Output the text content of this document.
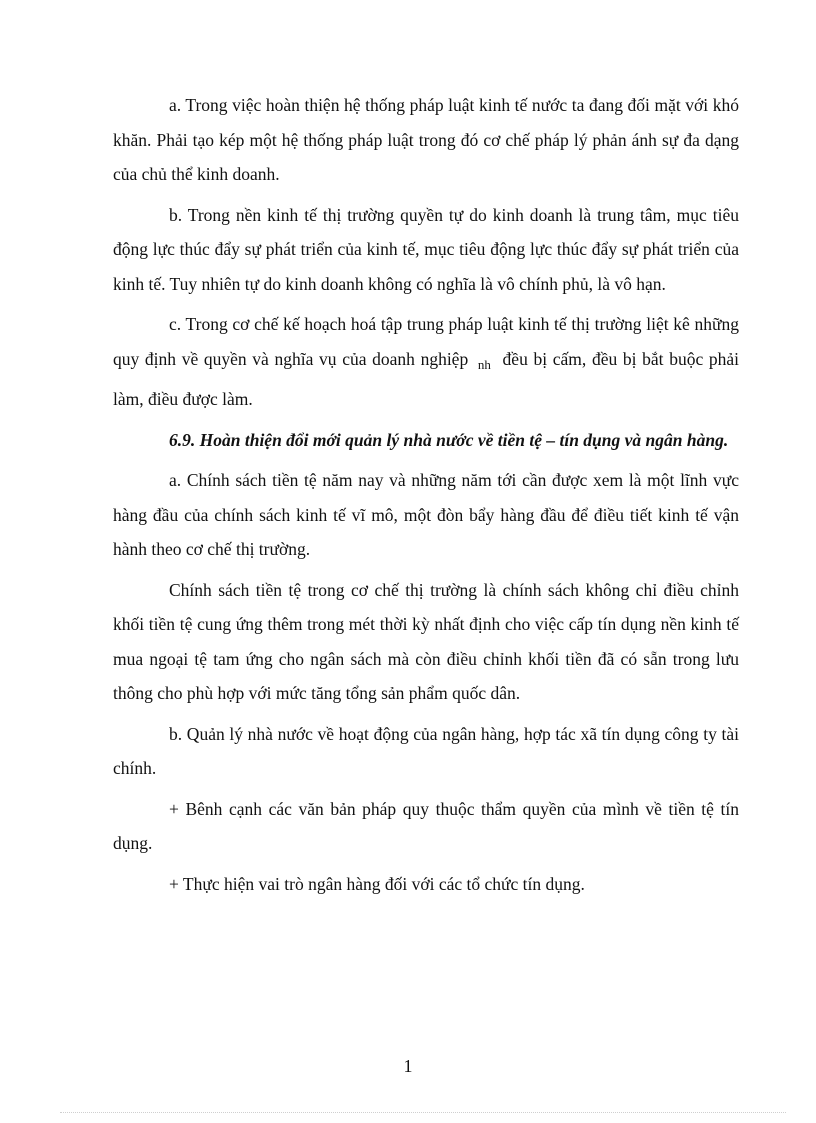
a. Trong việc hoàn thiện hệ thống pháp luật kinh tế nước ta đang đối mặt với khó khăn. Phải tạo kép một hệ thống pháp luật trong đó cơ chế pháp lý phản ánh sự đa dạng của chủ thể kinh doanh.

b. Trong nền kinh tế thị trường quyền tự do kinh doanh là trung tâm, mục tiêu động lực thúc đẩy sự phát triển của kinh tế, mục tiêu động lực thúc đẩy sự phát triển của kinh tế. Tuy nhiên tự do kinh doanh không có nghĩa là vô chính phủ, là vô hạn.

c. Trong cơ chế kế hoạch hoá tập trung pháp luật kinh tế thị trường liệt kê những quy định về quyền và nghĩa vụ của doanh nghiệp $_{nh}$ đều bị cấm, đều bị bắt buộc phải làm, điều được làm.

6.9. Hoàn thiện đổi mới quản lý nhà nước về tiền tệ – tín dụng và ngân hàng.

a. Chính sách tiền tệ năm nay và những năm tới cần được xem là một lĩnh vực hàng đầu của chính sách kinh tế vĩ mô, một đòn bẩy hàng đầu để điều tiết kinh tế vận hành theo cơ chế thị trường.

Chính sách tiền tệ trong cơ chế thị trường là chính sách không chỉ điều chỉnh khối tiền tệ cung ứng thêm trong mét thời kỳ nhất định cho việc cấp tín dụng nền kinh tế mua ngoại tệ tam ứng cho ngân sách mà còn điều chỉnh khối tiền đã có sẵn trong lưu thông cho phù hợp với mức tăng tổng sản phẩm quốc dân.

b. Quản lý nhà nước về hoạt động của ngân hàng, hợp tác xã tín dụng công ty tài chính.

+ Bênh cạnh các văn bản pháp quy thuộc thẩm quyền của mình về tiền tệ tín dụng.

+ Thực hiện vai trò ngân hàng đối với các tổ chức tín dụng.

1
